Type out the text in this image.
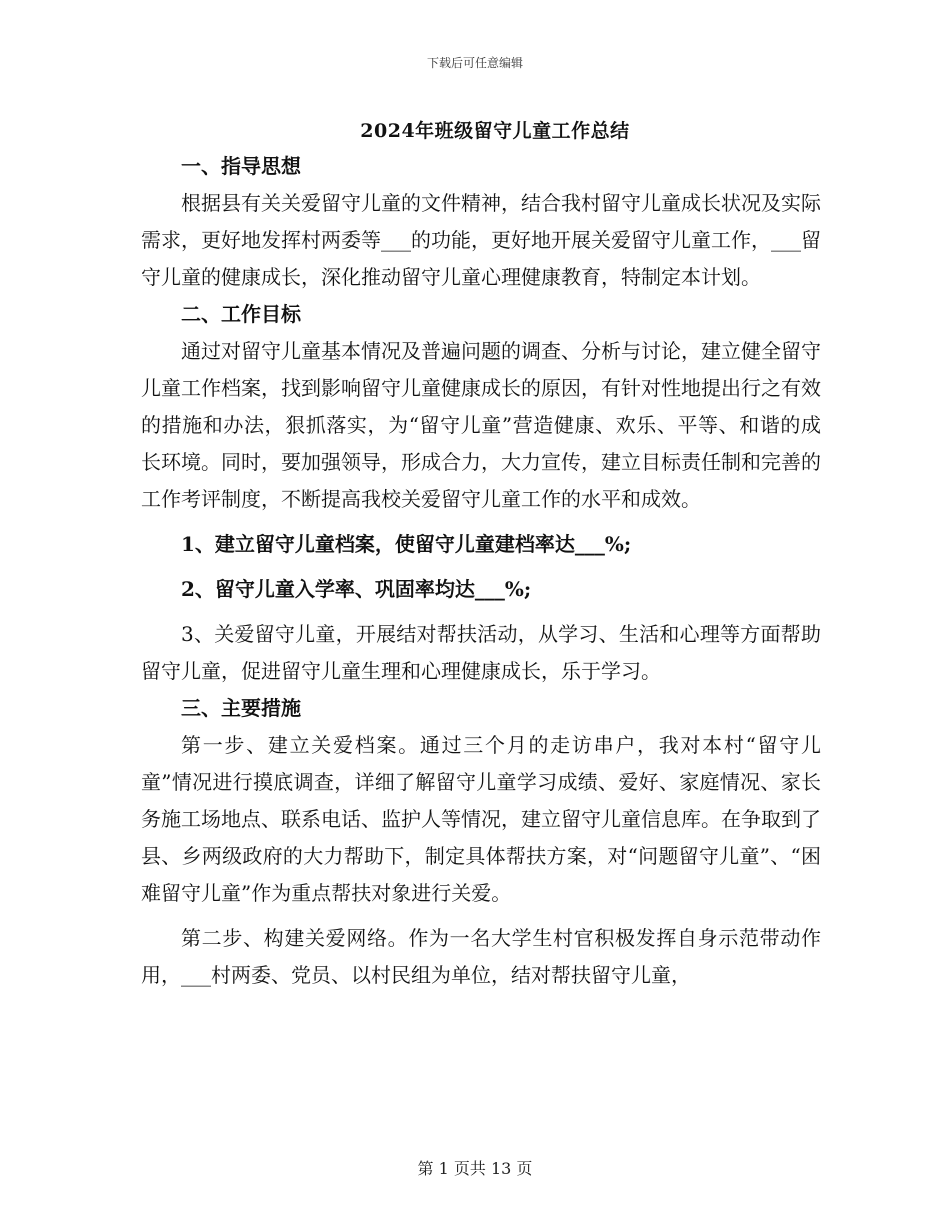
下载后可任意编辑
2024年班级留守儿童工作总结

一、指导思想

根据县有关关爱留守儿童的文件精神，结合我村留守儿童成长状况及实际需求，更好地发挥村两委等___的功能，更好地开展关爱留守儿童工作，___留守儿童的健康成长，深化推动留守儿童心理健康教育，特制定本计划。

二、工作目标

通过对留守儿童基本情况及普遍问题的调查、分析与讨论，建立健全留守儿童工作档案，找到影响留守儿童健康成长的原因，有针对性地提出行之有效的措施和办法，狠抓落实，为“留守儿童”营造健康、欢乐、平等、和谐的成长环境。同时，要加强领导，形成合力，大力宣传，建立目标责任制和完善的工作考评制度，不断提高我校关爱留守儿童工作的水平和成效。

1、建立留守儿童档案，使留守儿童建档率达___%;

2、留守儿童入学率、巩固率均达___%;

3、关爱留守儿童，开展结对帮扶活动，从学习、生活和心理等方面帮助留守儿童，促进留守儿童生理和心理健康成长，乐于学习。

三、主要措施

第一步、建立关爱档案。通过三个月的走访串户，我对本村“留守儿童”情况进行摸底调查，详细了解留守儿童学习成绩、爱好、家庭情况、家长务施工场地点、联系电话、监护人等情况，建立留守儿童信息库。在争取到了县、乡两级政府的大力帮助下，制定具体帮扶方案，对“问题留守儿童”、“困难留守儿童”作为重点帮扶对象进行关爱。

第二步、构建关爱网络。作为一名大学生村官积极发挥自身示范带动作用，___村两委、党员、以村民组为单位，结对帮扶留守儿童，

第 1 页共 13 页
